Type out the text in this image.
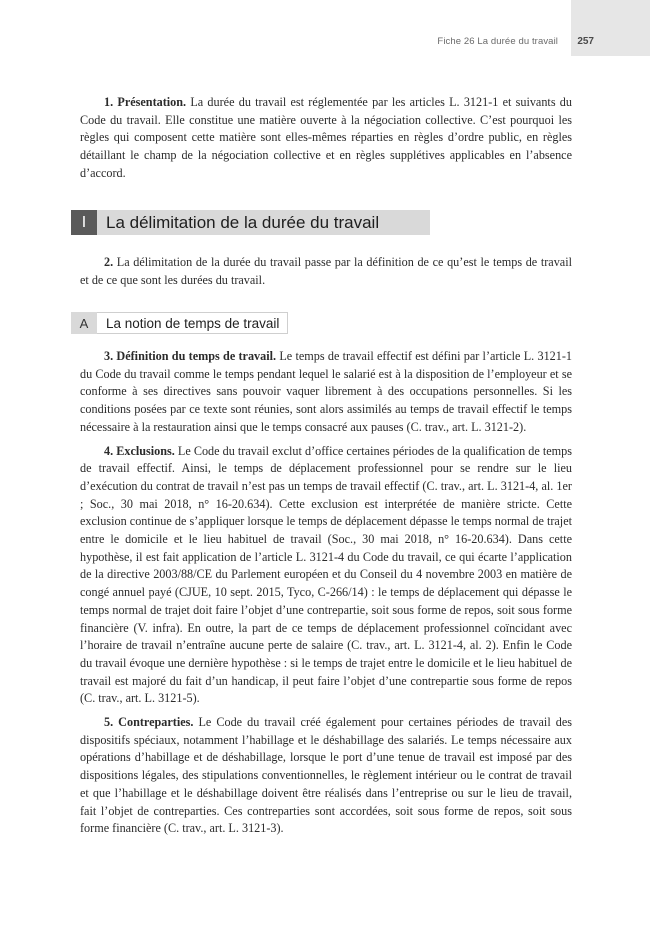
Fiche 26 La durée du travail 257

1. Présentation. La durée du travail est réglementée par les articles L. 3121-1 et suivants du Code du travail. Elle constitue une matière ouverte à la négociation collective. C’est pourquoi les règles qui composent cette matière sont elles-mêmes réparties en règles d’ordre public, en règles détaillant le champ de la négociation collective et en règles supplétives applicables en l’absence d’accord.

I	La délimitation de la durée du travail

2. La délimitation de la durée du travail passe par la définition de ce qu’est le temps de travail et de ce que sont les durées du travail.

A	La notion de temps de travail

3. Définition du temps de travail. Le temps de travail effectif est défini par l’article L. 3121-1 du Code du travail comme le temps pendant lequel le salarié est à la disposition de l’employeur et se conforme à ses directives sans pouvoir vaquer librement à des occupations personnelles. Si les conditions posées par ce texte sont réunies, sont alors assimilés au temps de travail effectif le temps nécessaire à la restauration ainsi que le temps consacré aux pauses (C. trav., art. L. 3121-2).

4. Exclusions. Le Code du travail exclut d’office certaines périodes de la qualification de temps de travail effectif. Ainsi, le temps de déplacement professionnel pour se rendre sur le lieu d’exécution du contrat de travail n’est pas un temps de travail effectif (C. trav., art. L. 3121-4, al. 1er ; Soc., 30 mai 2018, n° 16-20.634). Cette exclusion est interprétée de manière stricte. Cette exclusion continue de s’appliquer lorsque le temps de déplacement dépasse le temps normal de trajet entre le domicile et le lieu habituel de travail (Soc., 30 mai 2018, n° 16-20.634). Dans cette hypothèse, il est fait application de l’article L. 3121-4 du Code du travail, ce qui écarte l’application de la directive 2003/88/CE du Parlement européen et du Conseil du 4 novembre 2003 en matière de congé annuel payé (CJUE, 10 sept. 2015, Tyco, C-266/14) : le temps de déplacement qui dépasse le temps normal de trajet doit faire l’objet d’une contrepartie, soit sous forme de repos, soit sous forme financière (V. infra). En outre, la part de ce temps de déplacement professionnel coïncidant avec l’horaire de travail n’entraîne aucune perte de salaire (C. trav., art. L. 3121-4, al. 2). Enfin le Code du travail évoque une dernière hypothèse : si le temps de trajet entre le domicile et le lieu habituel de travail est majoré du fait d’un handicap, il peut faire l’objet d’une contrepartie sous forme de repos (C. trav., art. L. 3121-5).

5. Contreparties. Le Code du travail créé également pour certaines périodes de travail des dispositifs spéciaux, notamment l’habillage et le déshabillage des salariés. Le temps nécessaire aux opérations d’habillage et de déshabillage, lorsque le port d’une tenue de travail est imposé par des dispositions légales, des stipulations conventionnelles, le règlement intérieur ou le contrat de travail et que l’habillage et le déshabillage doivent être réalisés dans l’entreprise ou sur le lieu de travail, fait l’objet de contreparties. Ces contreparties sont accordées, soit sous forme de repos, soit sous forme financière (C. trav., art. L. 3121-3).
